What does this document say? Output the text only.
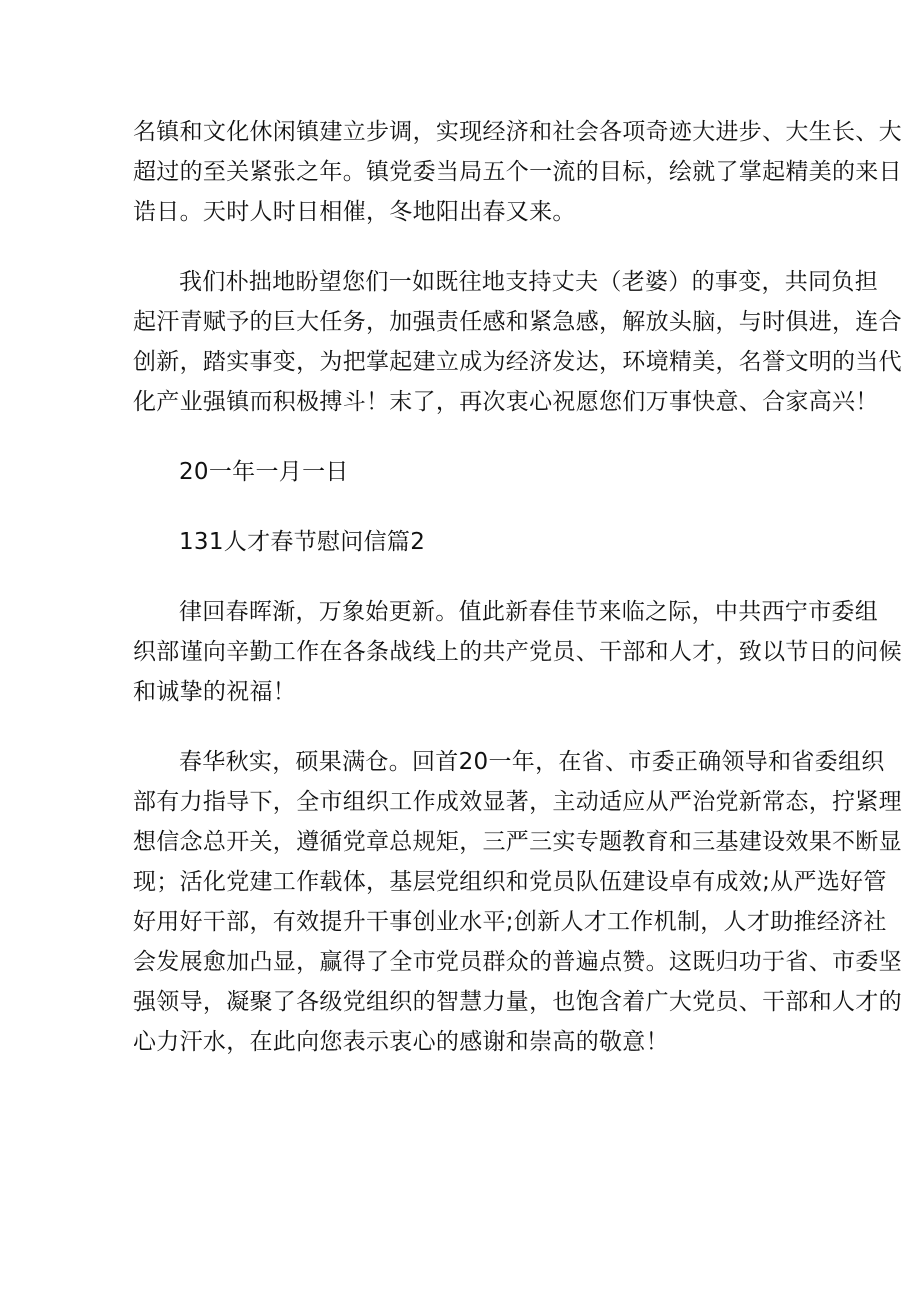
名镇和文化休闲镇建立步调，实现经济和社会各项奇迹大进步、大生长、大
超过的至关紧张之年。镇党委当局五个一流的目标，绘就了掌起精美的来日
诰日。天时人时日相催，冬地阳出春又来。
我们朴拙地盼望您们一如既往地支持丈夫（老婆）的事变，共同负担
起汗青赋予的巨大任务，加强责任感和紧急感，解放头脑，与时俱进，连合
创新，踏实事变，为把掌起建立成为经济发达，环境精美，名誉文明的当代
化产业强镇而积极搏斗！末了，再次衷心祝愿您们万事快意、合家高兴！
20一年一月一日
131人才春节慰问信篇2
律回春晖渐，万象始更新。值此新春佳节来临之际，中共西宁市委组
织部谨向辛勤工作在各条战线上的共产党员、干部和人才，致以节日的问候
和诚挚的祝福！
春华秋实，硕果满仓。回首20一年，在省、市委正确领导和省委组织
部有力指导下，全市组织工作成效显著，主动适应从严治党新常态，拧紧理
想信念总开关，遵循党章总规矩，三严三实专题教育和三基建设效果不断显
现；活化党建工作载体，基层党组织和党员队伍建设卓有成效;从严选好管
好用好干部，有效提升干事创业水平;创新人才工作机制，人才助推经济社
会发展愈加凸显，赢得了全市党员群众的普遍点赞。这既归功于省、市委坚
强领导，凝聚了各级党组织的智慧力量，也饱含着广大党员、干部和人才的
心力汗水，在此向您表示衷心的感谢和崇高的敬意！
